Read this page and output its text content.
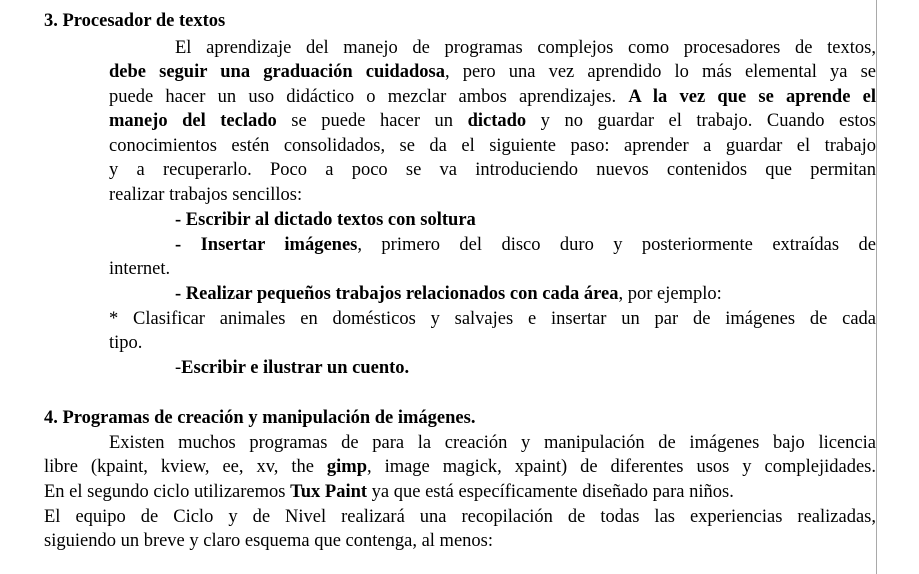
3. Procesador de textos
El aprendizaje del manejo de programas complejos como procesadores de textos,
debe seguir una graduación cuidadosa, pero una vez aprendido lo más elemental ya se
puede hacer un uso didáctico o mezclar ambos aprendizajes. A la vez que se aprende el
manejo del teclado se puede hacer un dictado y no guardar el trabajo. Cuando estos
conocimientos estén consolidados, se da el siguiente paso: aprender a guardar el trabajo
y a recuperarlo. Poco a poco se va introduciendo nuevos contenidos que permitan
realizar trabajos sencillos:
- Escribir al dictado textos con soltura
- Insertar imágenes, primero del disco duro y posteriormente extraídas de
internet.
- Realizar pequeños trabajos relacionados con cada área, por ejemplo:
* Clasificar animales en domésticos y salvajes e insertar un par de imágenes de cada
tipo.
-Escribir e ilustrar un cuento.
4. Programas de creación y manipulación de imágenes.
Existen muchos programas de para la creación y manipulación de imágenes bajo licencia
libre (kpaint, kview, ee, xv, the gimp, image magick, xpaint) de diferentes usos y complejidades.
En el segundo ciclo utilizaremos Tux Paint ya que está específicamente diseñado para niños.
El equipo de Ciclo y de Nivel realizará una recopilación de todas las experiencias realizadas,
siguiendo un breve y claro esquema que contenga, al menos:
